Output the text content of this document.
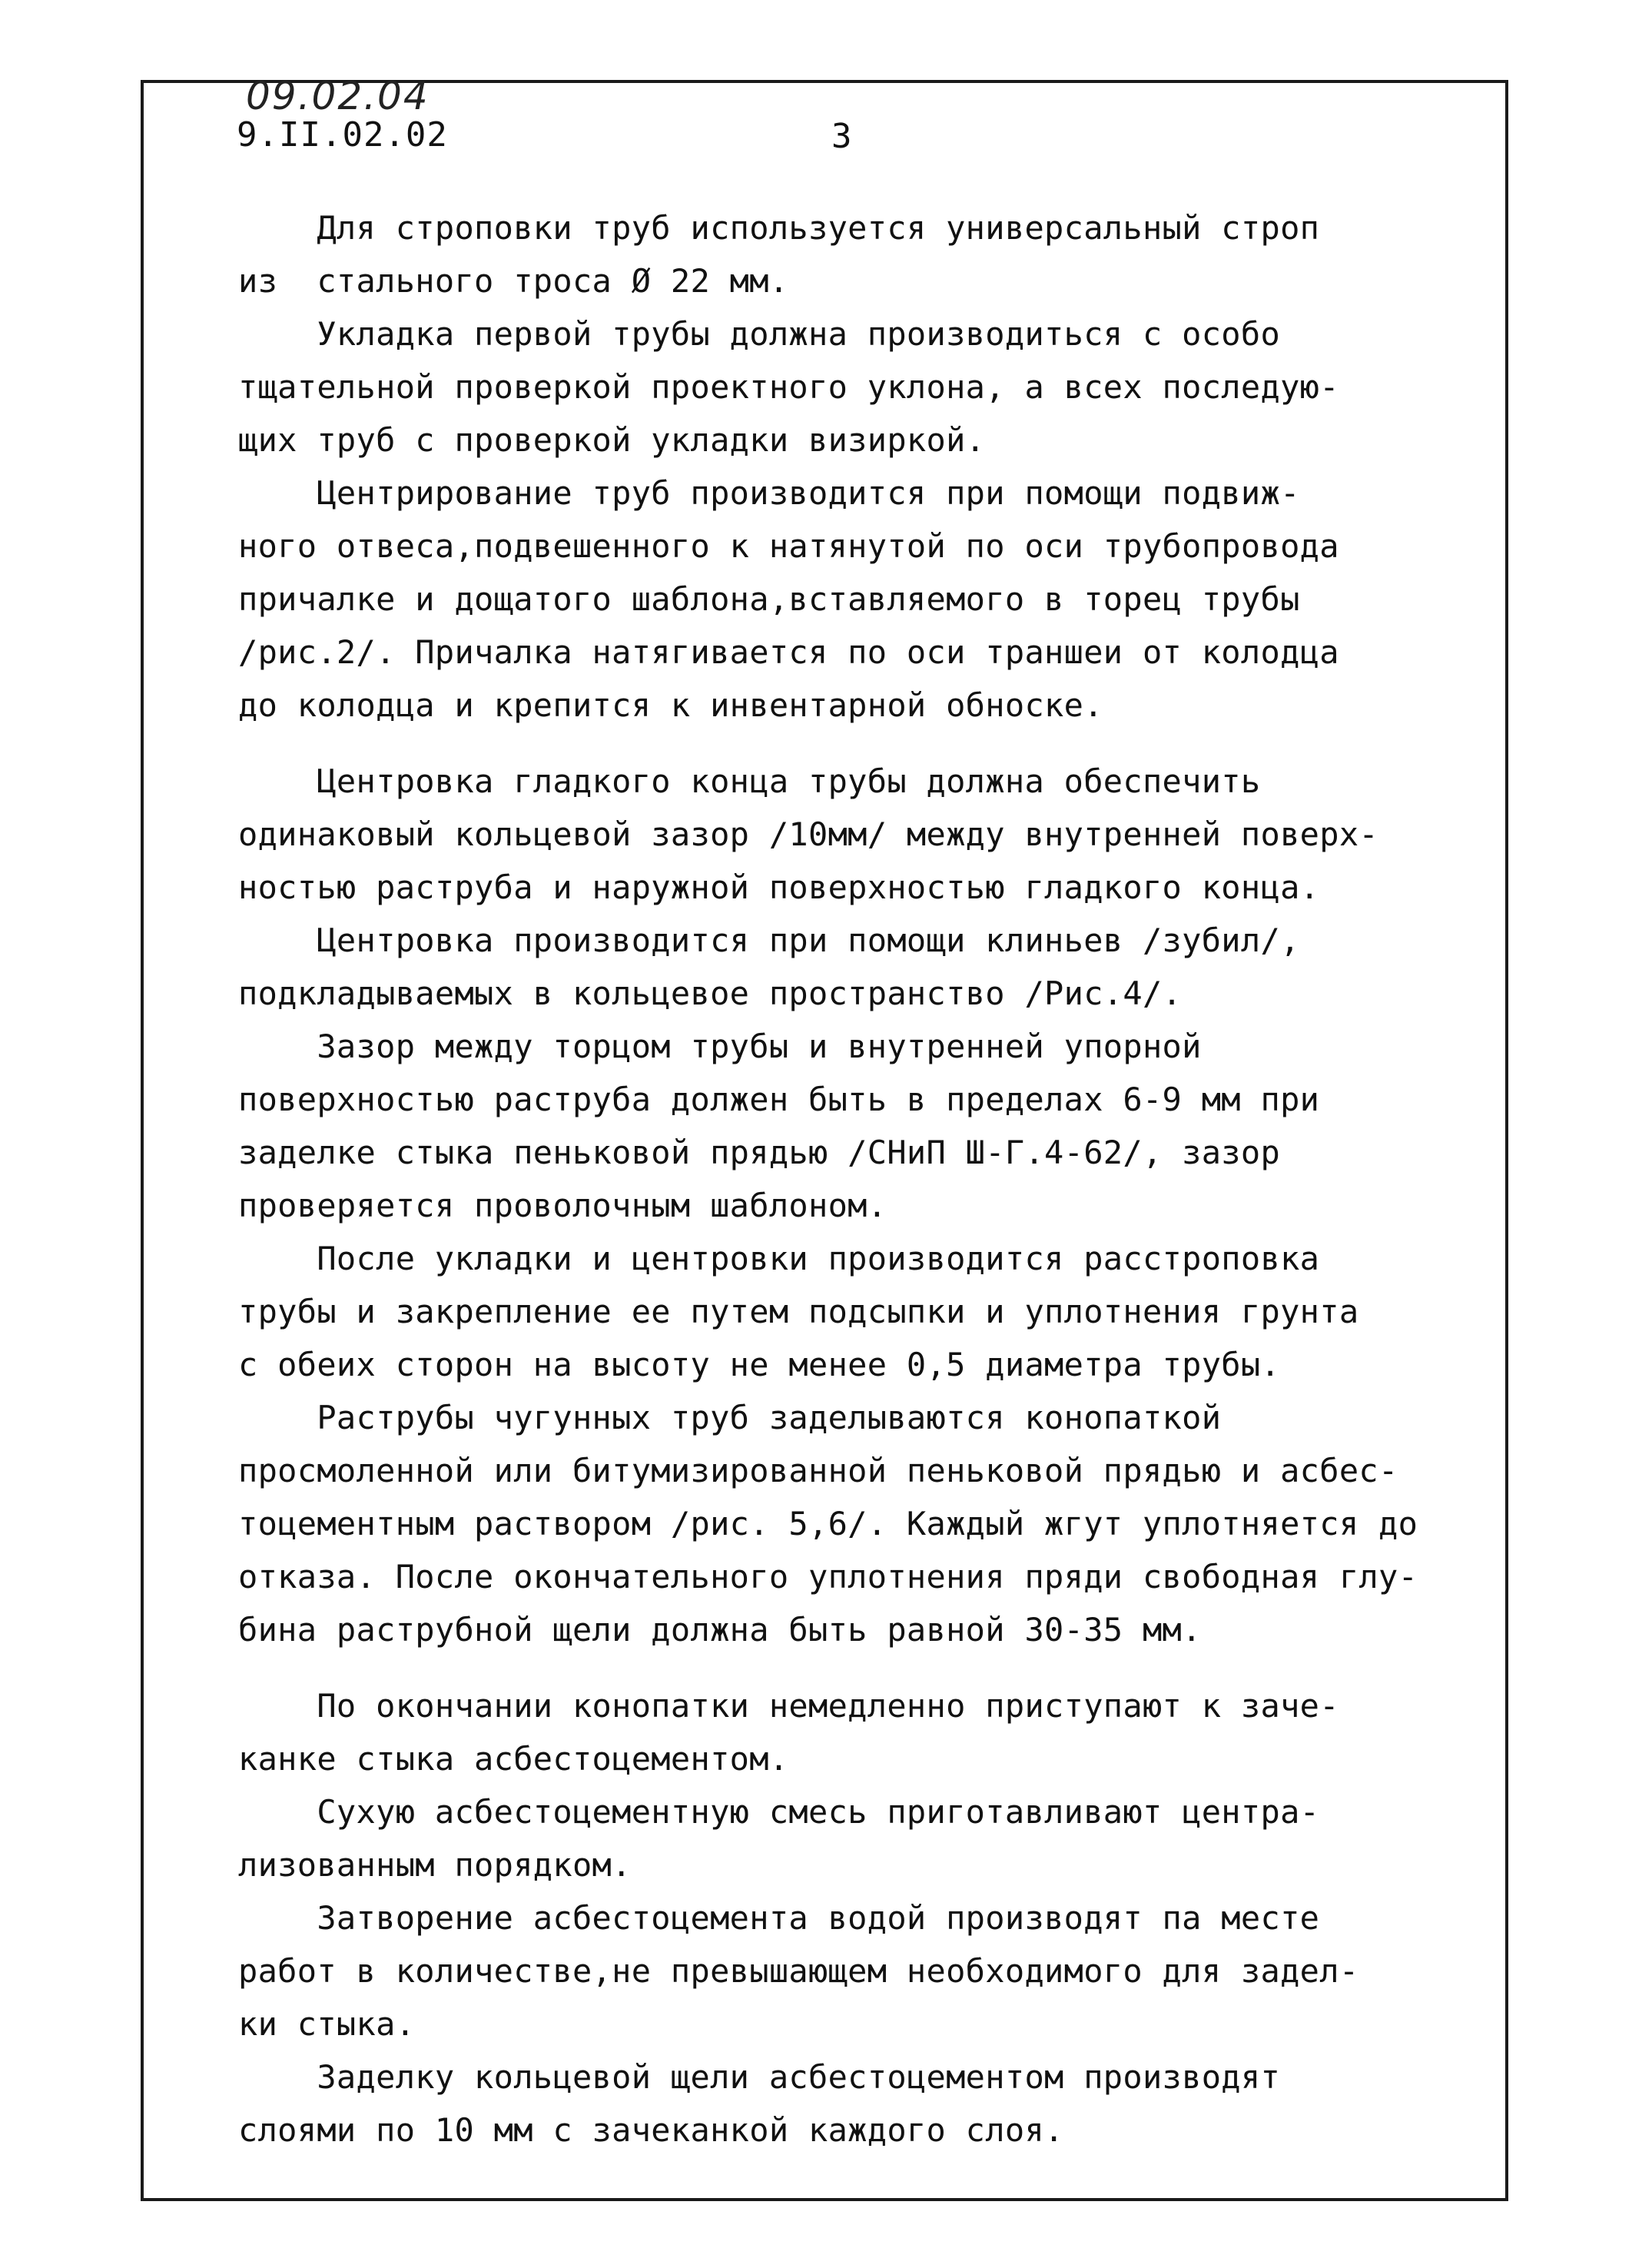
09.02.04
9.II.02.02	3
Для строповки труб используется универсальный строп
из  стального троса Ø 22 мм.
Укладка первой трубы должна производиться с особо
тщательной проверкой проектного уклона, а всех последую-
щих труб с проверкой укладки визиркой.
Центрирование труб производится при помощи подвиж-
ного отвеса,подвешенного к натянутой по оси трубопровода
причалке и дощатого шаблона,вставляемого в торец трубы
/рис.2/. Причалка натягивается по оси траншеи от колодца
до колодца и крепится к инвентарной обноске.
Центровка гладкого конца трубы должна обеспечить
одинаковый кольцевой зазор /10мм/ между внутренней поверх-
ностью раструба и наружной поверхностью гладкого конца.
Центровка производится при помощи клиньев /зубил/,
подкладываемых в кольцевое пространство /Рис.4/.
Зазор между торцом трубы и внутренней упорной
поверхностью раструба должен быть в пределах 6-9 мм при
заделке стыка пеньковой прядью /СНиП Ш-Г.4-62/, зазор
проверяется проволочным шаблоном.
После укладки и центровки производится расстроповка
трубы и закрепление ее путем подсыпки и уплотнения грунта
с обеих сторон на высоту не менее 0,5 диаметра трубы.
Раструбы чугунных труб заделываются конопаткой
просмоленной или битумизированной пеньковой прядью и асбес-
тоцементным раствором /рис. 5,6/. Каждый жгут уплотняется до
отказа. После окончательного уплотнения пряди свободная глу-
бина раструбной щели должна быть равной 30-35 мм.
По окончании конопатки немедленно приступают к заче-
канке стыка асбестоцементом.
Сухую асбестоцементную смесь приготавливают центра-
лизованным порядком.
Затворение асбестоцемента водой производят па месте
работ в количестве,не превышающем необходимого для задел-
ки стыка.
Заделку кольцевой щели асбестоцементом производят
слоями по 10 мм с зачеканкой каждого слоя.
